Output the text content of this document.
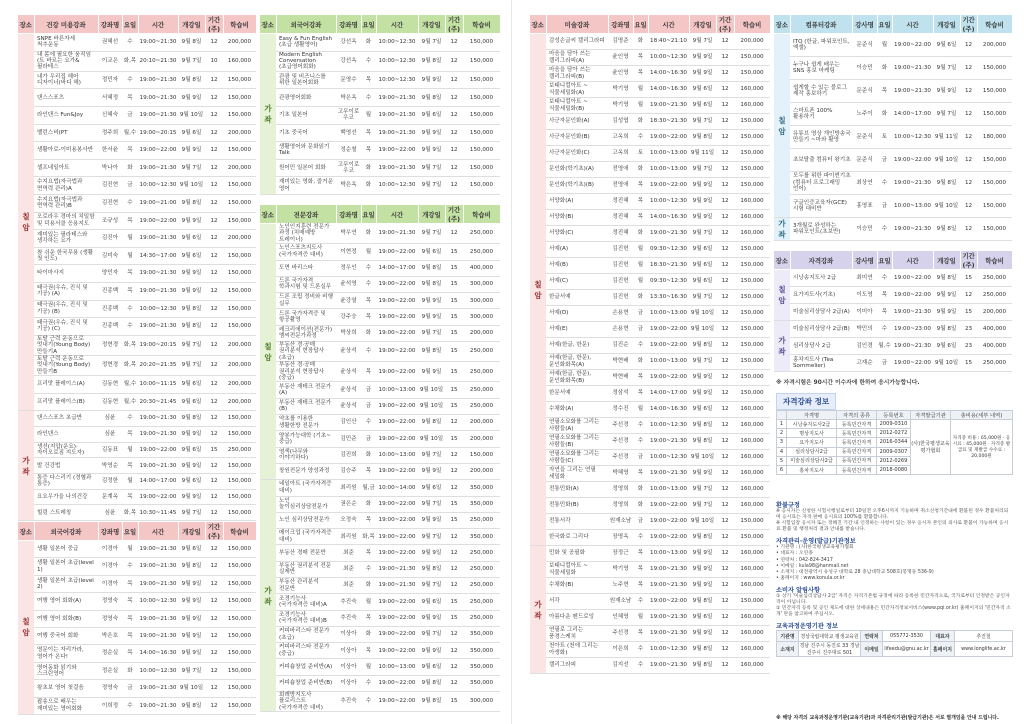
장소	건강 미용강좌	강좌명	요일	시간	개강일	기간(주)	학습비
칠 암	SNPE 바른자세 척추운동	권혜선	수	19:00~21:30	9월 8일	12	200,000
	내 몸에 필요한 움직임(트 바르는 요가&필라테스	이교은	화,목	20:10~21:30	9월 7일	10	160,000
	내가 우리집 헤어 디자이너(바디 헤)	정민자	수	19:00~21:30	9월 8일	12	150,000
	댄스스포츠	서혜정	목	19:00~21:30	9월 9일	12	150,000
	라인댄스 Fun&Joy	신혜숙	금	19:00~21:30	9월 10일	12	150,000
	밸런스비(PT	정주희	월,수	19:00~20:15	9월 6일	12	200,000
	생활아로-이미용봉사반	한서윤	목	19:00~22:00	9월 9일	12	150,000
	셀프네일아트	박나아	화	19:00~21:30	9월 7일	12	200,000
	수지요법(자극법과 면역력 관리)A	김진현	금	10:00~12:30	9월 10일	12	150,000
	수지요법(자극법과 면역력 관리)B	김진현	수	19:00~21:00	9월 8일	12	150,000
	오로라우 경마의 치밀함 및 덕용서클 응용지도	조규성	목	19:00~22:00	9월 9일	12	150,000
	재미있는 필라테스와 생각하는 요가	김진아	월	19:00~21:30	9월 6일	12	200,000
	참 쉬운 한국무용 (생활 첫 인도)	김미숙	월	14:30~17:00	9월 6일	12	150,000
	타이마사지	양민자	목	19:00~21:30	9월 9일	12	150,000
	태극권(우슈, 진식 및 기공) (A)	진종백	목	19:00~21:30	9월 9일	12	150,000
	태극권(우슈, 진식 및 기공) (B)	진종백	수	10:00~12:30	9월 8일	12	150,000
	태극권(우슈, 진식 및 기공) (C)	진종백	수	19:00~21:30	9월 8일	12	150,000
	토탈 근력 운동으로 멋내기(Young Body) 만들기A	정현경	화,목	19:00~20:15	9월 7일	12	200,000
	토탈 근력 운동으로 멋내기(Young Body) 만들기B	정현경	화,목	20:20~21:35	9월 7일	12	200,000
	프리맛 플레이스(A)	김동현	월,수	10:00~11:15	9월 6일	12	200,000
	프리맛 플레이스(B)	김동현	월,수	20:30~21:45	9월 6일	12	200,000
가 좌	댄스스포츠 초급반	심윤	수	19:00~21:30	9월 8일	12	150,000
	라인댄스	심윤	목	19:00~21:30	9월 9일	12	150,000
	생선(지압(운요)·자이오로짐 지도자)	김동표	월	19:00~22:00	9월 6일	15	250,000
	발 건강법	박영순	목	19:00~21:30	9월 9일	12	150,000
	통증 다스리기 (경혈과 통증)	김정한	월	14:00~17:00	9월 6일	12	150,000
	요요우가을 나의건강	문계옥	목	19:00~22:00	9월 9일	12	150,000
	힐링 스트레칭	심윤	화,목	10:30~11:45	9월 7일	12	150,000
장소	외국어강좌	강좌명	요일	시간	개강일	기간(주)	학습비
칠 암	생활 일본어 중급	이경아	월	19:00~21:30	9월 6일	12	150,000
	생활 일본어 초급(level 1)	이경아	수	19:00~21:30	9월 8일	12	150,000
	생활 일본어 초급(level 2)	이경아	목	19:00~21:30	9월 9일	12	150,000
	여행 영어 회화(A)	정영숙	목	10:00~12:30	9월 9일	12	150,000
	여행 영어 회화(B)	정영숙	목	19:00~21:30	9월 9일	12	150,000
	여행 중국어 회화	박은호	목	19:00~21:30	9월 9일	12	150,000
	영문이는 자리가라, 영어가 온다!	정순실	목	14:00~16:30	9월 9일	12	150,000
	영어동화 읽기와 스크린영어	정순실	화	10:00~12:30	9월 7일	12	150,000
	왕초보 영어 첫걸음	정영숙	금	19:00~21:30	9월 10일	12	150,000
	팝송으로 배우는 재미있는 영어회화	이희정	수	19:00~21:30	9월 8일	12	150,000
장소	외국어강좌	강좌명	요일	시간	개강일	기간(주)	학습비
가 좌	Easy & Fun English (초급 생활영어)	강선옥	화	10:00~12:30	9월 7일	12	150,000
	Modern English Conversation (초급영어회화)	강선옥	수	10:00~12:30	9월 8일	12	150,000
	관광 및 비즈니스를 위한 일본어회화	문영수	목	10:00~12:30	9월 9일	12	150,000
	관광영어회화	박은옥	수	19:00~21:30	9월 8일	12	150,000
	기초 일본어	고무이로 우코	월	19:00~21:30	9월 6일	12	150,000
	기초 중국어	백영선	목	19:00~21:30	9월 9일	12	150,000
	생활영어와 문화읽기 Talk	정순철	목	19:00~22:00	9월 9일	12	150,000
	원어민 일본어 회화	고무이로 우코	화	19:00~21:30	9월 7일	12	150,000
	재미있는 영화, 즐거운 영어	박은옥	화	10:00~12:30	9월 7일	12	150,000
장소	전문강좌	강좌명	요일	시간	개강일	기간(주)	학습비
칠 암	노인인지훈련 전문가 과정 (치매예방 트레이너)	박우연	화	19:00~21:30	9월 7일	12	250,000
	노인스포츠지도사 (국가자격증 대비)	이현정	월	19:00~22:00	9월 6일	15	250,000
	도면 바리스타	정우인	수	14:00~17:00	9월 8일	15	400,000
	드론 국가자격 학과시험 및 드론실무	윤석영	수	19:00~22:00	9월 8일	15	300,000
	드론 조립 정비와 비행 실무	윤강열	목	19:00~22:00	9월 9일	15	300,000
	드론 국가자격증 및 항공촬영	강주승	목	19:00~22:00	9월 9일	15	300,000
	레크리에이션(전문가) 엠씨전문가과정	박상희	화	19:00~22:00	9월 7일	15	200,000
	부동산 경·공매 권리분석 현장답사(초급)	윤상석	수	19:00~22:00	9월 8일	15	250,000
	부동산 경·공매 권리분석 현장답사(중급)	윤상석	목	19:00~22:00	9월 9일	15	250,000
	부동산 재테크 전문가(A)	윤상석	금	10:00~13:00	9월 10일	15	250,000
	부동산 재테크 전문가(B)	윤상석	금	19:00~22:00	9월 10일	15	250,000
	약초를 이용한 생활한방 전문가	김인산	수	19:00~22:00	9월 8일	12	200,000
	양봉가능대학 (기초~중급)	김민준	금	19:00~22:00	9월 10일	15	200,000
	염색(나무와 이야기하다)	김진희	화	10:00~13:00	9월 7일	12	150,000
	창원전문가 양성과정	김승주	목	19:00~22:00	9월 9일	12	200,000
가 좌	네일아트 (국가자격증 대비)	최리원	월,금	10:00~14:00	9월 6일	12	350,000
	노인 놀이심리상담전문가	권은순	화	19:00~22:00	9월 7일	15	350,000
	노인 심리상담전문가	오정숙	목	19:00~22:00	9월 9일	15	250,000
	메이크업 (국가자격증 대비)	최리원	화,목	19:00~22:00	9월 7일	12	350,000
	부동산 경매 전문반	최준	목	19:00~22:00	9월 9일	12	250,000
	부동산 권리분석 전문 실제반	최준	수	19:00~21:30	9월 8일	12	250,000
	부동산 관리분석 전문반	최준	화	19:00~21:30	9월 7일	12	250,000
	조경기능사 (국가자격증 대비)A	추진숙	월	19:00~22:00	9월 6일	15	250,000
	조경기능사 (국가자격증 대비)B	추진숙	목	19:00~22:00	9월 9일	15	250,000
	커피바리스타 전문가(초급)	이상아	화	19:00~22:00	9월 7일	12	350,000
	커피바리스타 전문가(중급)	이상아	목	19:00~22:00	9월 9일	12	350,000
	커피숍창업 준비반(A)	이상아	월	10:00~13:00	9월 6일	12	350,000
	커피숍창업 준비반(B)	이상아	수	19:00~22:00	9월 8일	12	350,000
	회례방지도사 플로리스트 (국가자격증 대비)	추진숙	수	19:00~22:00	9월 8일	15	300,000
장소	미술강좌	강좌명	요일	시간	개강일	기간(주)	학습비
칠 암	감성손글씨 캘리그라피	김명준	화	18:40~21:10	9월 7일	12	200,000
	마음을 담아 쓰는 캘리그라피(A)	윤인영	목	10:00~12:30	9월 9일	12	150,000
	마음을 담아 쓰는 캘리그라피(B)	윤인영	목	14:00~16:30	9월 9일	12	150,000
	보태니컬아트 ~식물세밀화(A)	박기영	월	14:00~16:30	9월 6일	12	160,000
	보태니컬아트 ~식물세밀화(B)	박기영	월	19:00~21:30	9월 6일	12	160,000
	사군자문인화(A)	김성엽	화	18:30~21:30	9월 7일	12	150,000
	사군자문인화(B)	고옥희	수	19:00~22:00	9월 8일	12	150,000
	사군자문인화(C)	고옥희	토	10:00~13:00	9월 11일	12	150,000
	문인화(학기초)(A)	전영애	화	10:00~13:00	9월 7일	12	150,000
	문인화(학기초)(B)	전영애	목	19:00~22:00	9월 9일	12	150,000
	서양화(A)	정진혜	목	10:00~12:30	9월 9일	12	160,000
	서양화(B)	정진혜	목	14:00~16:30	9월 9일	12	160,000
	서양화(C)	정진혜	화	19:00~21:30	9월 7일	12	160,000
	서예(A)	김진헌	월	09:30~12:30	9월 6일	12	150,000
	서예(B)	김진헌	월	18:30~21:30	9월 6일	12	150,000
	서예(C)	김진헌	월	09:30~12:30	9월 6일	12	150,000
	한글서예	김진헌	화	13:30~16:30	9월 7일	12	150,000
	서예(D)	손용현	금	10:00~13:00	9월 10일	12	150,000
	서예(E)	손용현	금	19:00~22:00	9월 10일	12	150,000
	서예(한글, 한문)	김진순	수	19:00~22:00	9월 8일	12	150,000
	서예(한글, 한문), 문인화화목(A)	박현배	화	10:00~13:00	9월 7일	12	150,000
	서예(한글, 한문), 문인화화목(B)	박현배	목	19:00~22:00	9월 9일	12	150,000
	한문서예	정삼석	목	14:00~17:00	9월 9일	12	150,000
	수채화(A)	정수진	월	14:00~16:30	9월 6일	12	160,000
	연필소묘화를 그리는 사람들(A)	주선경	수	10:00~12:30	9월 8일	12	160,000
	연필소묘화를 그리는 사람들(B)	주선경	수	19:00~21:30	9월 8일	12	160,000
	연필소묘화를 그리는 사람들(C)	주선경	금	10:00~12:30	9월 10일	12	160,000
	자연을 그리는 연필 세밀화	박혜영	목	19:00~21:30	9월 9일	12	160,000
	전통민화(A)	정영희	화	10:00~13:00	9월 7일	12	160,000
	전통민화(B)	정영희	화	19:00~22:00	9월 7일	12	160,000
	전통서각	원재소남	금	19:00~22:00	9월 10일	12	150,000
	한국화로 그리다	장명옥	수	19:00~22:00	9월 8일	12	150,000
가 좌	민화 및 공필화	장정근	목	10:00~13:00	9월 9일	12	160,000
	보태니컬아트 ~식물세밀화	박기영	목	19:00~21:30	9월 9일	12	160,000
	수채화(B)	노주현	목	19:00~21:30	9월 9일	12	160,000
	서각	원재소남	수	19:00~22:00	9월 8일	12	150,000
	아름다운 펜드로잉	인혜영	월	19:00~21:30	9월 6일	12	160,000
	연필로 그리는 풍경스케치	주선경	목	19:00~21:30	9월 9일	12	160,000
	천아트 (천에 그리는 아생화)	이은희	수	10:00~12:30	9월 8일	12	160,000
	캘리그라피	김지선	수	19:00~21:30	9월 8일	12	160,000
장소	컴퓨터강좌	강사명	요일	시간	개강일	기간(주)	학습비
칠 암	ITQ (한글, 파워포인트, 엑셀)	문준식	월	19:00~22:00	9월 6일	12	200,000
	누구나 쉽게 배우는 SNS 홍보 마케팅	이승민	화	19:00~21:30	9월 7일	12	150,000
	쉽게할 수 있는 블로그 제작 홍보하기	문준식	목	19:00~21:30	9월 9일	12	150,000
	스마트폰 100% 활용하기	노주이	화	14:00~17:00	9월 7일	12	150,000
	유튜브 영상 개인방송국 만들기 ~마와 활영	문준식	토	10:00~12:30	9월 11일	12	180,000
	초보탈출 컴퓨터 왕기초	문준식	금	19:00~22:00	9월 10일	12	150,000
	모두를 위한 파이썬기초 (컴퓨터 프로그래밍 언어)	최상연	수	19:00~21:30	9월 8일	12	150,000
	구글인증교육자(GCE) 시험 대비반	홍영표	금	10:00~13:00	9월 10일	12	150,000
가 좌	3개월로 완성하는 파워포인트(초보반)	이승민	수	19:00~21:30	9월 8일	12	150,000
장소	자격강좌	강사명	요일	시간	개강일	기간(주)	학습비
칠 암	시낭송지도사 2급	최미연	수	19:00~22:00	9월 8일	15	250,000
	요가지도사(기초)	이도영	목	19:00~22:00	9월 9일	12	250,000
	미술심리상담사 2급(A)	이미아	목	19:00~21:30	9월 9일	15	200,000
가 좌	미술심리상담사 2급(B)	박민의	수	19:00~23:00	9월 8일	23	400,000
	심리상담사 2급	김인경	월,수	19:00~21:30	9월 6일	23	400,000
	홍차지도사 (Tea Sommelier)	고재순	금	19:00~22:00	9월 10일	15	250,000
※ 자격시험은 90시간 이수자에 한하여 응시가능합니다.
자격강좌 정보
	자격명	자격의 종류	등록번호	자격발급기관	총비용(세부 내역)
1	시낭송지도사2급	등록민간자격	2009-0310	(사)한국평생교육평가협회	자격증 비용 : 65,000원 · 응시료 : 45,000원 · 자격증 발급료 및 재발급 수수료 : 20,000원
2	명상지도사	등록민간자격	2012-0272		
3	요가지도사	등록민간자격	2016-0344		
4	심리상담사2급	등록민간자격	2009-0307		
5	미술심리상담사2급	등록민간자격	2012-0269		
6	홍차지도사	등록민간자격	2018-0080		
환불규정
※ 응시자는 신청한 시험시행일로부터 10일전 오후6시까지 기능하며 취소신청기간내에 환불된 경우 환불처리되며 응시료는 자격 판매 응시료의 100%를 환불합니다.
※ 시험입장 응시자 또는 정해진 기간 내 인정하는 사항이 있는 경우 응시자 본인의 의사로 환불이 가능하며 응시료 환불 및 행정처리 결과 안내를 받습니다.
자격관리·운영(발급)기관정보
• 기관명 : (사)한국평생교육평가협회
• 대표자 : 오연종
• 연락처 : 042-824-3417
• 이메일 : kula98@hanmail.net
• 소재지 : 대전광역시 유성구 대학로 28 충남대학교 508호(봉명동 536-9)
• 홈페이지 : www.konula.or.kr
소비자 알림사항
① 상기 '미술심리상담사 2급' 자격은 자격기본법 규정에 따라 등록한 민간자격으로, 국가로부터 인정받은 공인자격이 아닙니다.
② 민간자격 등록 및 공인 제도에 대한 상세내용은 민간자격정보서비스(www.pqi.or.kr) 홈페이지의 '민간자격 소개' 란을 참고하여 주십시오.
교육과정운영기관 정보
기관명	경상국립대학교 평생교육원	연락처	055772-3530	대표자	추진철
소재지	경남 진주시 동진로 33 경남 진주시 진주대로 501	이메일	lifeedu@gnu.ac.kr	홈페이지	www.longlife.ac.kr
※ 해당 자격의 교육과정운영기관(교육기관)과 자격관리기관(발급기관)은 서로 별개임을 안내 드립니다.
